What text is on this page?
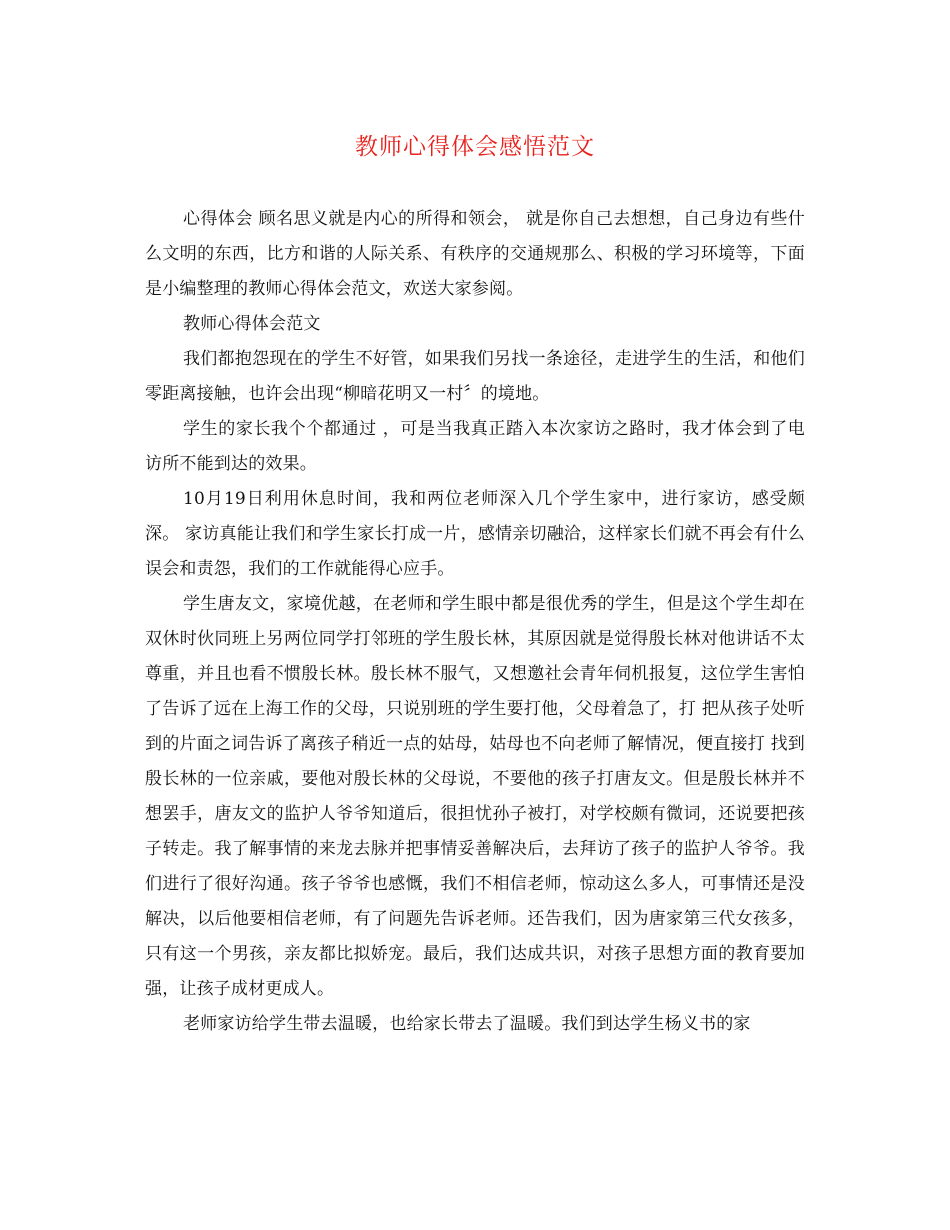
教师心得体会感悟范文

心得体会 顾名思义就是内心的所得和领会， 就是你自己去想想，自己身边有些什么文明的东西，比方和谐的人际关系、有秩序的交通规那么、积极的学习环境等，下面是小编整理的教师心得体会范文，欢送大家参阅。

教师心得体会范文

我们都抱怨现在的学生不好管，如果我们另找一条途径，走进学生的生活，和他们零距离接触，也许会出现“柳暗花明又一村〞的境地。

学生的家长我个个都通过 ，可是当我真正踏入本次家访之路时，我才体会到了电访所不能到达的效果。

10月19日利用休息时间，我和两位老师深入几个学生家中，进行家访，感受颇深。 家访真能让我们和学生家长打成一片，感情亲切融洽，这样家长们就不再会有什么误会和责怨，我们的工作就能得心应手。

学生唐友文，家境优越，在老师和学生眼中都是很优秀的学生，但是这个学生却在双休时伙同班上另两位同学打邻班的学生殷长林，其原因就是觉得殷长林对他讲话不太尊重，并且也看不惯殷长林。殷长林不服气，又想邀社会青年伺机报复，这位学生害怕了告诉了远在上海工作的父母，只说别班的学生要打他，父母着急了，打 把从孩子处听到的片面之词告诉了离孩子稍近一点的姑母，姑母也不向老师了解情况，便直接打 找到殷长林的一位亲戚，要他对殷长林的父母说，不要他的孩子打唐友文。但是殷长林并不想罢手，唐友文的监护人爷爷知道后，很担忧孙子被打，对学校颇有微词，还说要把孩子转走。我了解事情的来龙去脉并把事情妥善解决后，去拜访了孩子的监护人爷爷。我们进行了很好沟通。孩子爷爷也感慨，我们不相信老师，惊动这么多人，可事情还是没解决，以后他要相信老师，有了问题先告诉老师。还告我们，因为唐家第三代女孩多，只有这一个男孩，亲友都比拟娇宠。最后，我们达成共识，对孩子思想方面的教育要加强，让孩子成材更成人。

老师家访给学生带去温暖，也给家长带去了温暖。我们到达学生杨义书的家
